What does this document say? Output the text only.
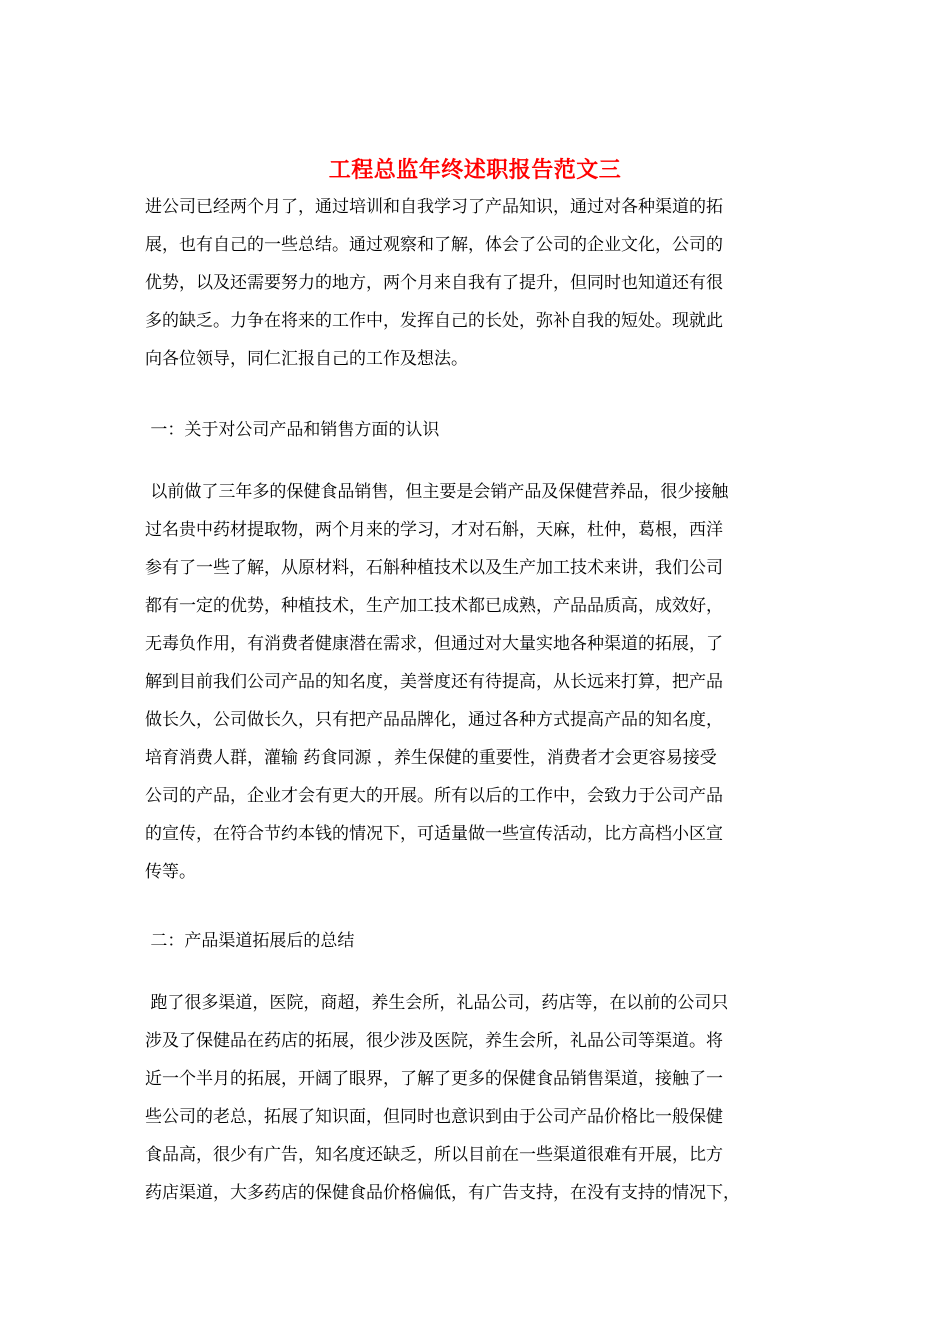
工程总监年终述职报告范文三
进公司已经两个月了，通过培训和自我学习了产品知识，通过对各种渠道的拓
展，也有自己的一些总结。通过观察和了解，体会了公司的企业文化，公司的
优势，以及还需要努力的地方，两个月来自我有了提升，但同时也知道还有很
多的缺乏。力争在将来的工作中，发挥自己的长处，弥补自我的短处。现就此
向各位领导，同仁汇报自己的工作及想法。
一：关于对公司产品和销售方面的认识
以前做了三年多的保健食品销售，但主要是会销产品及保健营养品，很少接触
过名贵中药材提取物，两个月来的学习，才对石斛，天麻，杜仲，葛根，西洋
参有了一些了解，从原材料，石斛种植技术以及生产加工技术来讲，我们公司
都有一定的优势，种植技术，生产加工技术都已成熟，产品品质高，成效好，
无毒负作用，有消费者健康潜在需求，但通过对大量实地各种渠道的拓展，了
解到目前我们公司产品的知名度，美誉度还有待提高，从长远来打算，把产品
做长久，公司做长久，只有把产品品牌化，通过各种方式提高产品的知名度，
培育消费人群，灌输 药食同源 ，养生保健的重要性，消费者才会更容易接受
公司的产品，企业才会有更大的开展。所有以后的工作中，会致力于公司产品
的宣传，在符合节约本钱的情况下，可适量做一些宣传活动，比方高档小区宣
传等。
二：产品渠道拓展后的总结
跑了很多渠道，医院，商超，养生会所，礼品公司，药店等，在以前的公司只
涉及了保健品在药店的拓展，很少涉及医院，养生会所，礼品公司等渠道。将
近一个半月的拓展，开阔了眼界，了解了更多的保健食品销售渠道，接触了一
些公司的老总，拓展了知识面，但同时也意识到由于公司产品价格比一般保健
食品高，很少有广告，知名度还缺乏，所以目前在一些渠道很难有开展，比方
药店渠道，大多药店的保健食品价格偏低，有广告支持，在没有支持的情况下，
